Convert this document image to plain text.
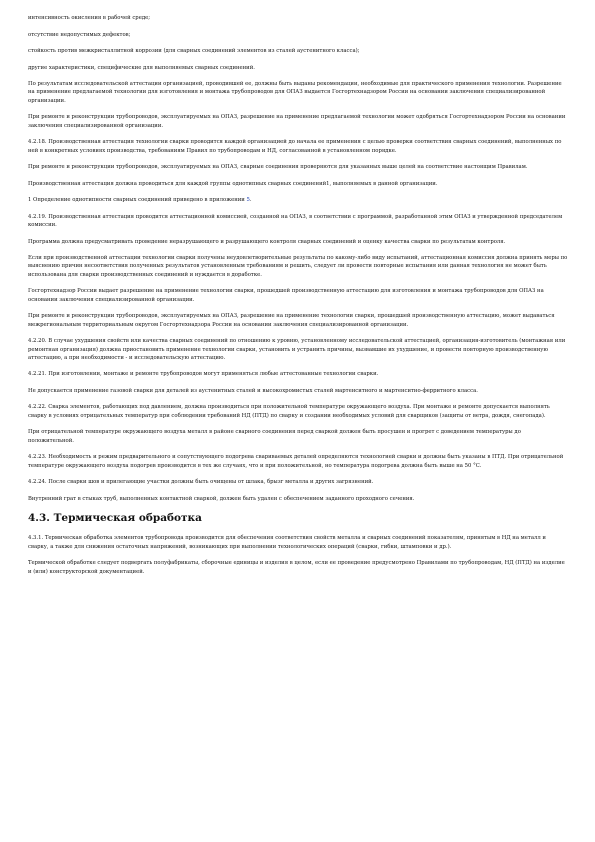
интенсивность окисления в рабочей среде;

отсутствие недопустимых дефектов;

стойкость против межкристаллитной коррозии (для сварных соединений элементов из сталей аустенитного класса);

другие характеристики, специфические для выполняемых сварных соединений.

По результатам исследовательской аттестации организацией, проводившей ее, должны быть выданы рекомендации, необходимые для практического применения технологии. Разрешение на применение предлагаемой технологии для изготовления и монтажа трубопроводов для ОПАЗ выдается Госгортехнадзором России на основании заключения специализированной организации.

При ремонте и реконструкции трубопроводов, эксплуатируемых на ОПАЗ, разрешение на применение предлагаемой технологии может одобряться Госгортехнадзором России на основании заключения специализированной организации.

4.2.18. Производственная аттестация технологии сварки проводится каждой организацией до начала ее применения с целью проверки соответствия сварных соединений, выполненных по ней в конкретных условиях производства, требованиям Правил по трубопроводам и НД, согласованной в установленном порядке.

При ремонте и реконструкции трубопроводов, эксплуатируемых на ОПАЗ, сварные соединения проверяются для указанных выше целей на соответствие настоящим Правилам.

Производственная аттестация должна проводиться для каждой группы однотипных сварных соединений1, выполняемых в данной организации.

1 Определение однотипности сварных соединений приведено в приложении 5.

4.2.19. Производственная аттестация проводится аттестационной комиссией, созданной на ОПАЗ, в соответствии с программой, разработанной этим ОПАЗ и утвержденной председателем комиссии.

Программа должна предусматривать проведение неразрушающего и разрушающего контроля сварных соединений и оценку качества сварки по результатам контроля.

Если при производственной аттестации технологии сварки получены неудовлетворительные результаты по какому-либо виду испытаний, аттестационная комиссия должна принять меры по выяснению причин несоответствия полученных результатов установленным требованиям и решить, следует ли провести повторные испытания или данная технология не может быть использована для сварки производственных соединений и нуждается в доработке.

Госгортехнадзор России выдает разрешение на применение технологии сварки, прошедшей производственную аттестацию для изготовления и монтажа трубопроводов для ОПАЗ на основании заключения специализированной организации.

При ремонте и реконструкции трубопроводов, эксплуатируемых на ОПАЗ, разрешение на применение технологии сварки, прошедшей производственную аттестацию, может выдаваться межрегиональным территориальным округом Госгортехнадзора России на основании заключения специализированной организации.

4.2.20. В случае ухудшения свойств или качества сварных соединений по отношению к уровню, установленному исследовательской аттестацией, организация-изготовитель (монтажная или ремонтная организация) должна приостановить применение технологии сварки, установить и устранить причины, вызвавшие их ухудшение, и провести повторную производственную аттестацию, а при необходимости - и исследовательскую аттестацию.

4.2.21. При изготовлении, монтаже и ремонте трубопроводов могут применяться любые аттестованные технологии сварки.

Не допускается применение газовой сварки для деталей из аустенитных сталей и высокохромистых сталей мартенситного и мартенситно-ферритного класса.

4.2.22. Сварка элементов, работающих под давлением, должна производиться при положительной температуре окружающего воздуха. При монтаже и ремонте допускается выполнять сварку в условиях отрицательных температур при соблюдении требований НД (ПТД) по сварку и создании необходимых условий для сварщиков (защиты от ветра, дождя, снегопада).

При отрицательной температуре окружающего воздуха металл в районе сварного соединения перед сваркой должен быть просушен и прогрет с доведением температуры до положительной.

4.2.23. Необходимость и режим предварительного и сопутствующего подогрева свариваемых деталей определяются технологией сварки и должны быть указаны в ПТД. При отрицательной температуре окружающего воздуха подогрев производится в тех же случаях, что и при положительной, но температура подогрева должна быть выше на 50 °С.

4.2.24. После сварки шов и прилегающие участки должны быть очищены от шлака, брызг металла и других загрязнений.

Внутренний грат в стыках труб, выполненных контактной сваркой, должен быть удален с обеспечением заданного проходного сечения.

4.3. Термическая обработка

4.3.1. Термическая обработка элементов трубопровода производится для обеспечения соответствия свойств металла и сварных соединений показателям, принятым в НД на металл и сварку, а также для снижения остаточных напряжений, возникающих при выполнении технологических операций (сварки, гибки, штамповки и др.).

Термической обработке следует подвергать полуфабрикаты, сборочные единицы и изделия в целом, если ее проведение предусмотрено Правилами по трубопроводам, НД (ПТД) на изделие и (или) конструкторской документацией.
